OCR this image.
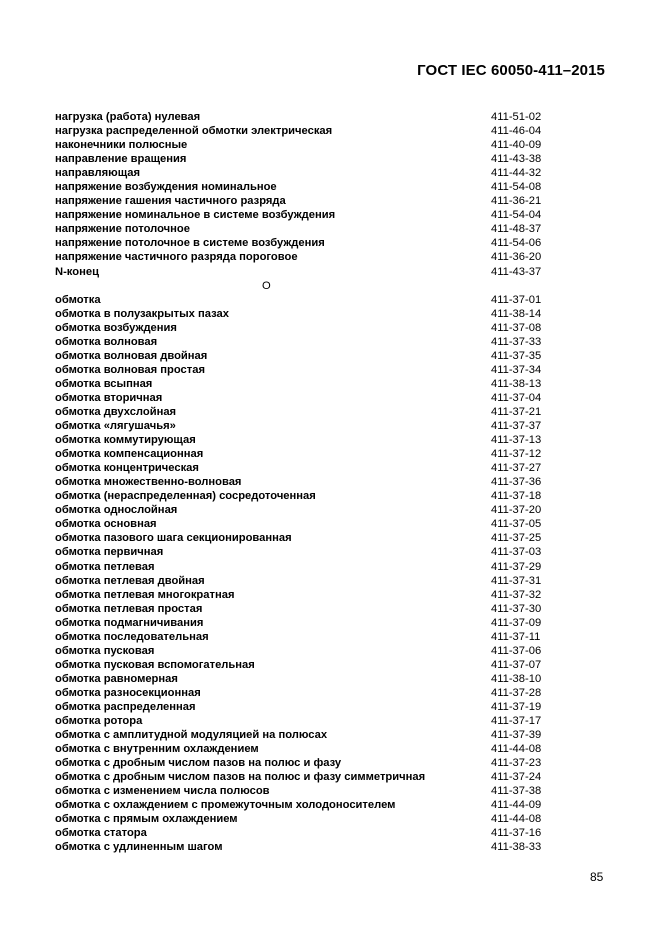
ГОСТ IEC 60050-411–2015
нагрузка (работа) нулевая	411-51-02
нагрузка распределенной обмотки электрическая	411-46-04
наконечники полюсные	411-40-09
направление вращения	411-43-38
направляющая	411-44-32
напряжение возбуждения номинальное	411-54-08
напряжение гашения частичного разряда	411-36-21
напряжение номинальное в системе возбуждения	411-54-04
напряжение потолочное	411-48-37
напряжение потолочное в системе возбуждения	411-54-06
напряжение частичного разряда пороговое	411-36-20
N-конец	411-43-37
О
обмотка	411-37-01
обмотка в полузакрытых пазах	411-38-14
обмотка возбуждения	411-37-08
обмотка волновая	411-37-33
обмотка волновая двойная	411-37-35
обмотка волновая простая	411-37-34
обмотка всыпная	411-38-13
обмотка вторичная	411-37-04
обмотка двухслойная	411-37-21
обмотка «лягушачья»	411-37-37
обмотка коммутирующая	411-37-13
обмотка компенсационная	411-37-12
обмотка концентрическая	411-37-27
обмотка множественно-волновая	411-37-36
обмотка (нераспределенная) сосредоточенная	411-37-18
обмотка однослойная	411-37-20
обмотка основная	411-37-05
обмотка пазового шага секционированная	411-37-25
обмотка первичная	411-37-03
обмотка петлевая	411-37-29
обмотка петлевая двойная	411-37-31
обмотка петлевая многократная	411-37-32
обмотка петлевая простая	411-37-30
обмотка подмагничивания	411-37-09
обмотка последовательная	411-37-11
обмотка пусковая	411-37-06
обмотка пусковая вспомогательная	411-37-07
обмотка равномерная	411-38-10
обмотка разносекционная	411-37-28
обмотка распределенная	411-37-19
обмотка ротора	411-37-17
обмотка с амплитудной модуляцией на полюсах	411-37-39
обмотка с внутренним охлаждением	411-44-08
обмотка с дробным числом пазов на полюс и фазу	411-37-23
обмотка с дробным числом пазов на полюс и фазу симметричная	411-37-24
обмотка с изменением числа полюсов	411-37-38
обмотка с охлаждением с промежуточным холодоносителем	411-44-09
обмотка с прямым охлаждением	411-44-08
обмотка статора	411-37-16
обмотка с удлиненным шагом	411-38-33
85
